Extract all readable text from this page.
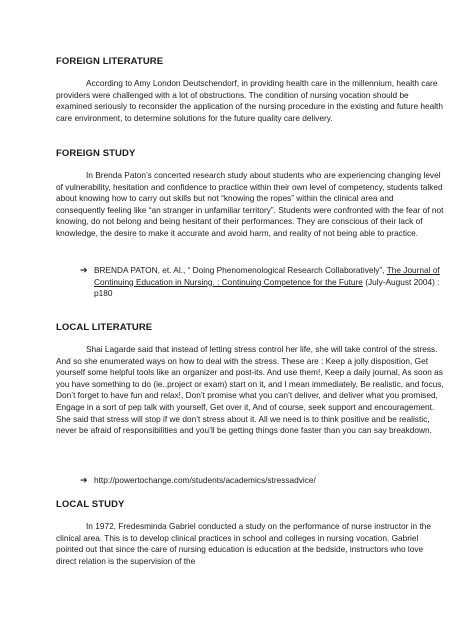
FOREIGN LITERATURE

According to Amy London Deutschendorf, in providing health care in the millennium, health care providers were challenged with a lot of obstructions. The condition of nursing vocation should be examined seriously to reconsider the application of the nursing procedure in the existing and future health care environment, to determine solutions for the future quality care delivery.

FOREIGN STUDY

In Brenda Paton’s concerted research study about students who are experiencing changing level of vulnerability, hesitation and confidence to practice within their own level of competency, students talked about knowing how to carry out skills but not “knowing the ropes” within the clinical area and consequently feeling like “an stranger in unfamiliar territory”. Students were confronted with the fear of not knowing, do not belong and being hesitant of their performances. They are conscious of their lack of knowledge, the desire to make it accurate and avoid harm, and reality of not being able to practice.

➔ BRENDA PATON, et. Al., “ Doing Phenomenological Research Collaboratively”, The Journal of Continuing Education in Nursing. : Continuing Competence for the Future (July-August 2004) : p180
LOCAL LITERATURE

Shai Lagarde said that instead of letting stress control her life, she will take control of the stress. And so she enumerated ways on how to deal with the stress. These are : Keep a jolly disposition, Get yourself some helpful tools like an organizer and post-its. And use them!, Keep a daily journal, As soon as you have something to do (ie..project or exam) start on it, and I mean immediately, Be realistic, and focus, Don’t forget to have fun and relax!, Don’t promise what you can’t deliver, and deliver what you promised, Engage in a sort of pep talk with yourself, Get over it, And of course, seek support and encouragement. She said that stress will stop if we don’t stress about it. All we need is to think positive and be realistic, never be afraid of responsibilities and you’ll be getting things done faster than you can say breakdown.

➔ http://powertochange.com/students/academics/stressadvice/
LOCAL STUDY

In 1972, Fredesminda Gabriel conducted a study on the performance of nurse instructor in the clinical area. This is to develop clinical practices in school and colleges in nursing vocation. Gabriel pointed out that since the care of nursing education is education at the bedside, instructors who love direct relation is the supervision of the
